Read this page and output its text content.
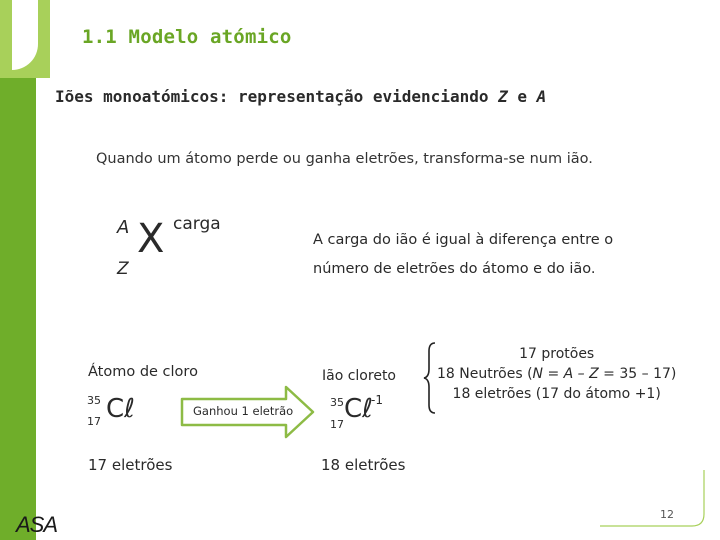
1.1 Modelo atómico
Iões monoatómicos: representação evidenciando Z e A
Quando um átomo perde ou ganha eletrões, transforma-se num ião.
A
Z
X carga
A carga do ião é igual à diferença entre o
número de eletrões do átomo e do ião.
Átomo de cloro
35
17 Cℓ	Ganhou 1 eletrão
Ião cloreto
35
17
Cℓ
-1
17 protões
18 Neutrões (N = A – Z = 35 – 17)
18 eletrões (17 do átomo +1)
17 eletrões	18 eletrões
12
ASA
